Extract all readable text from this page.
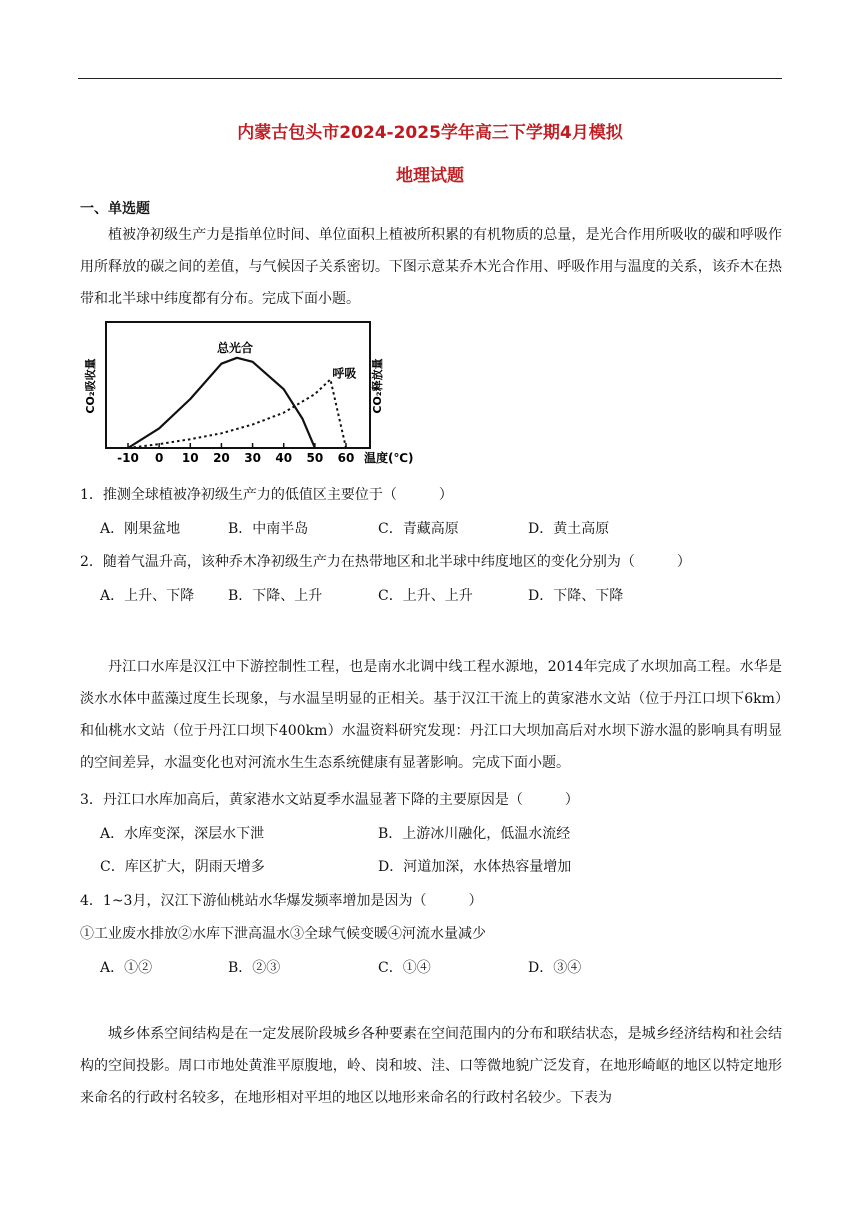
内蒙古包头市2024-2025学年高三下学期4月模拟
地理试题
一、单选题

植被净初级生产力是指单位时间、单位面积上植被所积累的有机物质的总量，是光合作用所吸收的碳和呼吸作用所释放的碳之间的差值，与气候因子关系密切。下图示意某乔木光合作用、呼吸作用与温度的关系，该乔木在热带和北半球中纬度都有分布。完成下面小题。

CO₂吸收量	CO₂释放量
温度(℃)
-10 0 10 20 30 40 50 60
总光合
呼吸
1．推测全球植被净初级生产力的低值区主要位于（　　　）
A．刚果盆地	B．中南半岛	C．青藏高原	D．黄土高原
2．随着气温升高，该种乔木净初级生产力在热带地区和北半球中纬度地区的变化分别为（　　　）
A．上升、下降 B．下降、上升	C．上升、上升	D．下降、下降

丹江口水库是汉江中下游控制性工程，也是南水北调中线工程水源地，2014年完成了水坝加高工程。水华是淡水水体中蓝藻过度生长现象，与水温呈明显的正相关。基于汉江干流上的黄家港水文站（位于丹江口坝下6km）和仙桃水文站（位于丹江口坝下400km）水温资料研究发现：丹江口大坝加高后对水坝下游水温的影响具有明显的空间差异，水温变化也对河流水生生态系统健康有显著影响。完成下面小题。

3．丹江口水库加高后，黄家港水文站夏季水温显著下降的主要原因是（　　　）
A．水库变深，深层水下泄	B．上游冰川融化，低温水流经
C．库区扩大，阴雨天增多	D．河道加深，水体热容量增加
4．1~3月，汉江下游仙桃站水华爆发频率增加是因为（　　　）
①工业废水排放②水库下泄高温水③全球气候变暖④河流水量减少
A．①②	B．②③	C．①④	D．③④

城乡体系空间结构是在一定发展阶段城乡各种要素在空间范围内的分布和联结状态，是城乡经济结构和社会结构的空间投影。周口市地处黄淮平原腹地，岭、岗和坡、洼、口等微地貌广泛发育，在地形崎岖的地区以特定地形来命名的行政村名较多，在地形相对平坦的地区以地形来命名的行政村名较少。下表为
